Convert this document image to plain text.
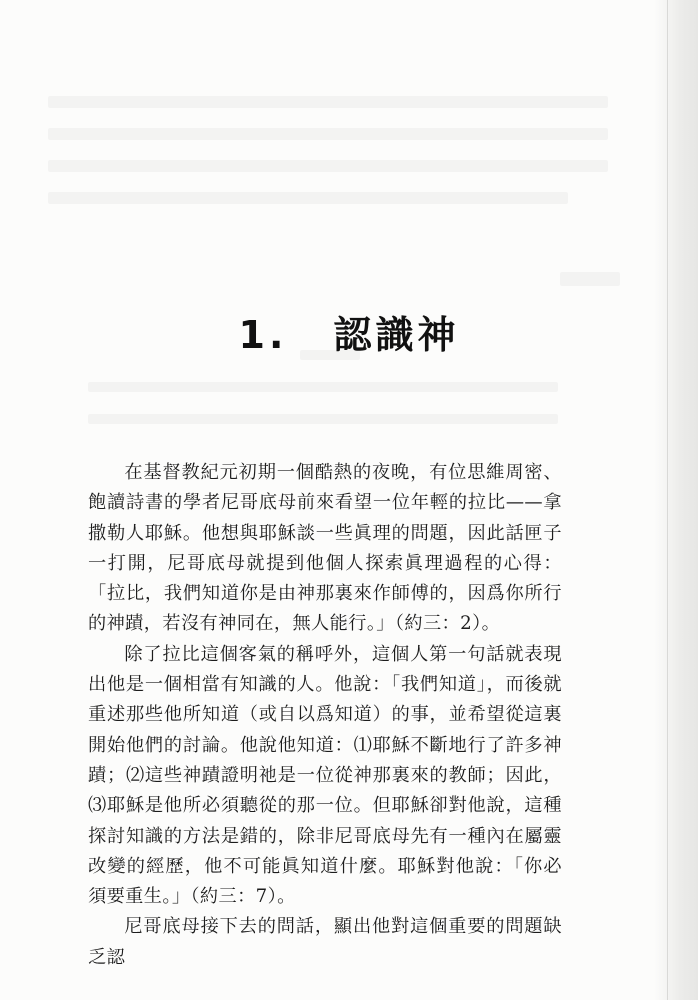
1. 認識神

在基督教紀元初期一個酷熱的夜晚，有位思維周密、飽讀詩書的學者尼哥底母前來看望一位年輕的拉比——拿撒勒人耶穌。他想與耶穌談一些眞理的問題，因此話匣子一打開，尼哥底母就提到他個人探索眞理過程的心得：「拉比，我們知道你是由神那裏來作師傅的，因爲你所行的神蹟，若沒有神同在，無人能行。」（約三：2）。

除了拉比這個客氣的稱呼外，這個人第一句話就表現出他是一個相當有知識的人。他說：「我們知道」，而後就重述那些他所知道（或自以爲知道）的事，並希望從這裏開始他們的討論。他說他知道：⑴耶穌不斷地行了許多神蹟；⑵這些神蹟證明祂是一位從神那裏來的教師；因此，⑶耶穌是他所必須聽從的那一位。但耶穌卻對他說，這種探討知識的方法是錯的，除非尼哥底母先有一種內在屬靈改變的經歷，他不可能眞知道什麼。耶穌對他說：「你必須要重生。」（約三：7）。

尼哥底母接下去的問話，顯出他對這個重要的問題缺乏認
